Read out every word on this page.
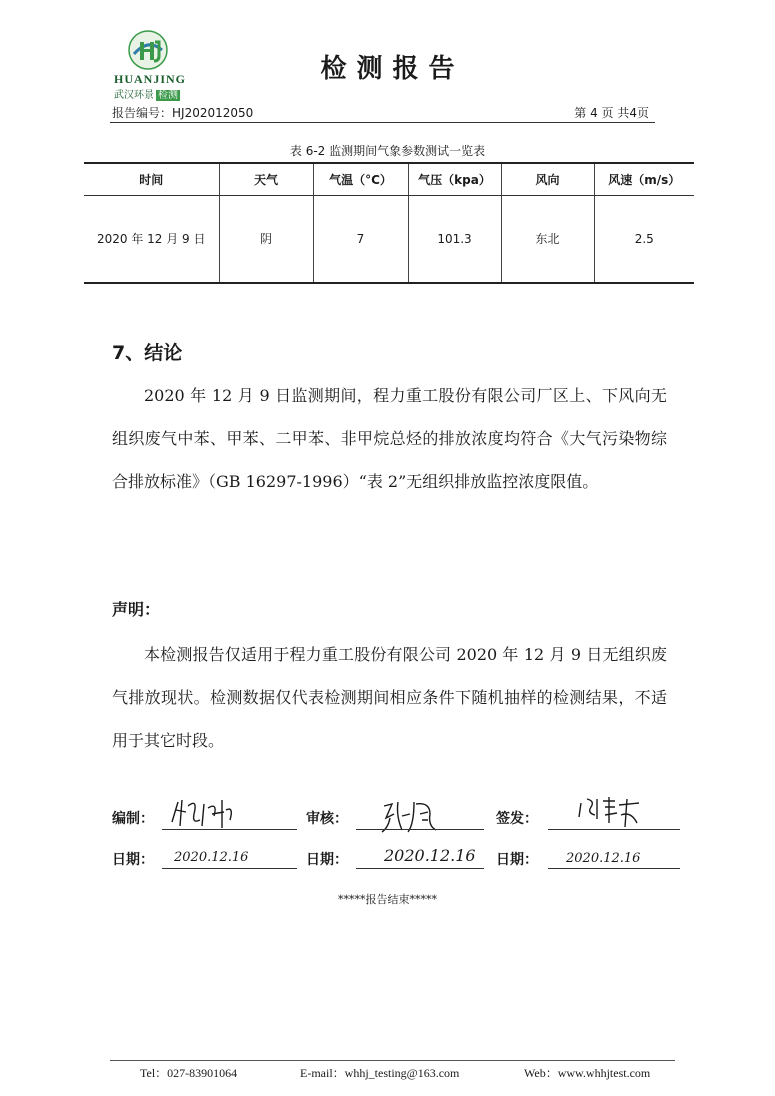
HUANJING
武汉环景 检测
检测报告
报告编号：HJ202012050	第 4 页 共4页
表 6-2 监测期间气象参数测试一览表
时间	天气	气温（°C）	气压（kpa）	风向	风速（m/s）
2020 年 12 月 9 日	阴	7	101.3	东北	2.5
7、结论
2020 年 12 月 9 日监测期间，程力重工股份有限公司厂区上、下风向无组织废气中苯、甲苯、二甲苯、非甲烷总烃的排放浓度均符合《大气污染物综合排放标准》（GB 16297-1996）“表 2”无组织排放监控浓度限值。
声明：
本检测报告仅适用于程力重工股份有限公司 2020 年 12 月 9 日无组织废气排放现状。检测数据仅代表检测期间相应条件下随机抽样的检测结果，不适用于其它时段。
编制：	审核：	签发：
日期： 2020.12.16	日期： 2020.12.16 日期： 2020.12.16
*****报告结束*****
Tel：027-83901064	E-mail：whhj_testing@163.com	Web：www.whhjtest.com
